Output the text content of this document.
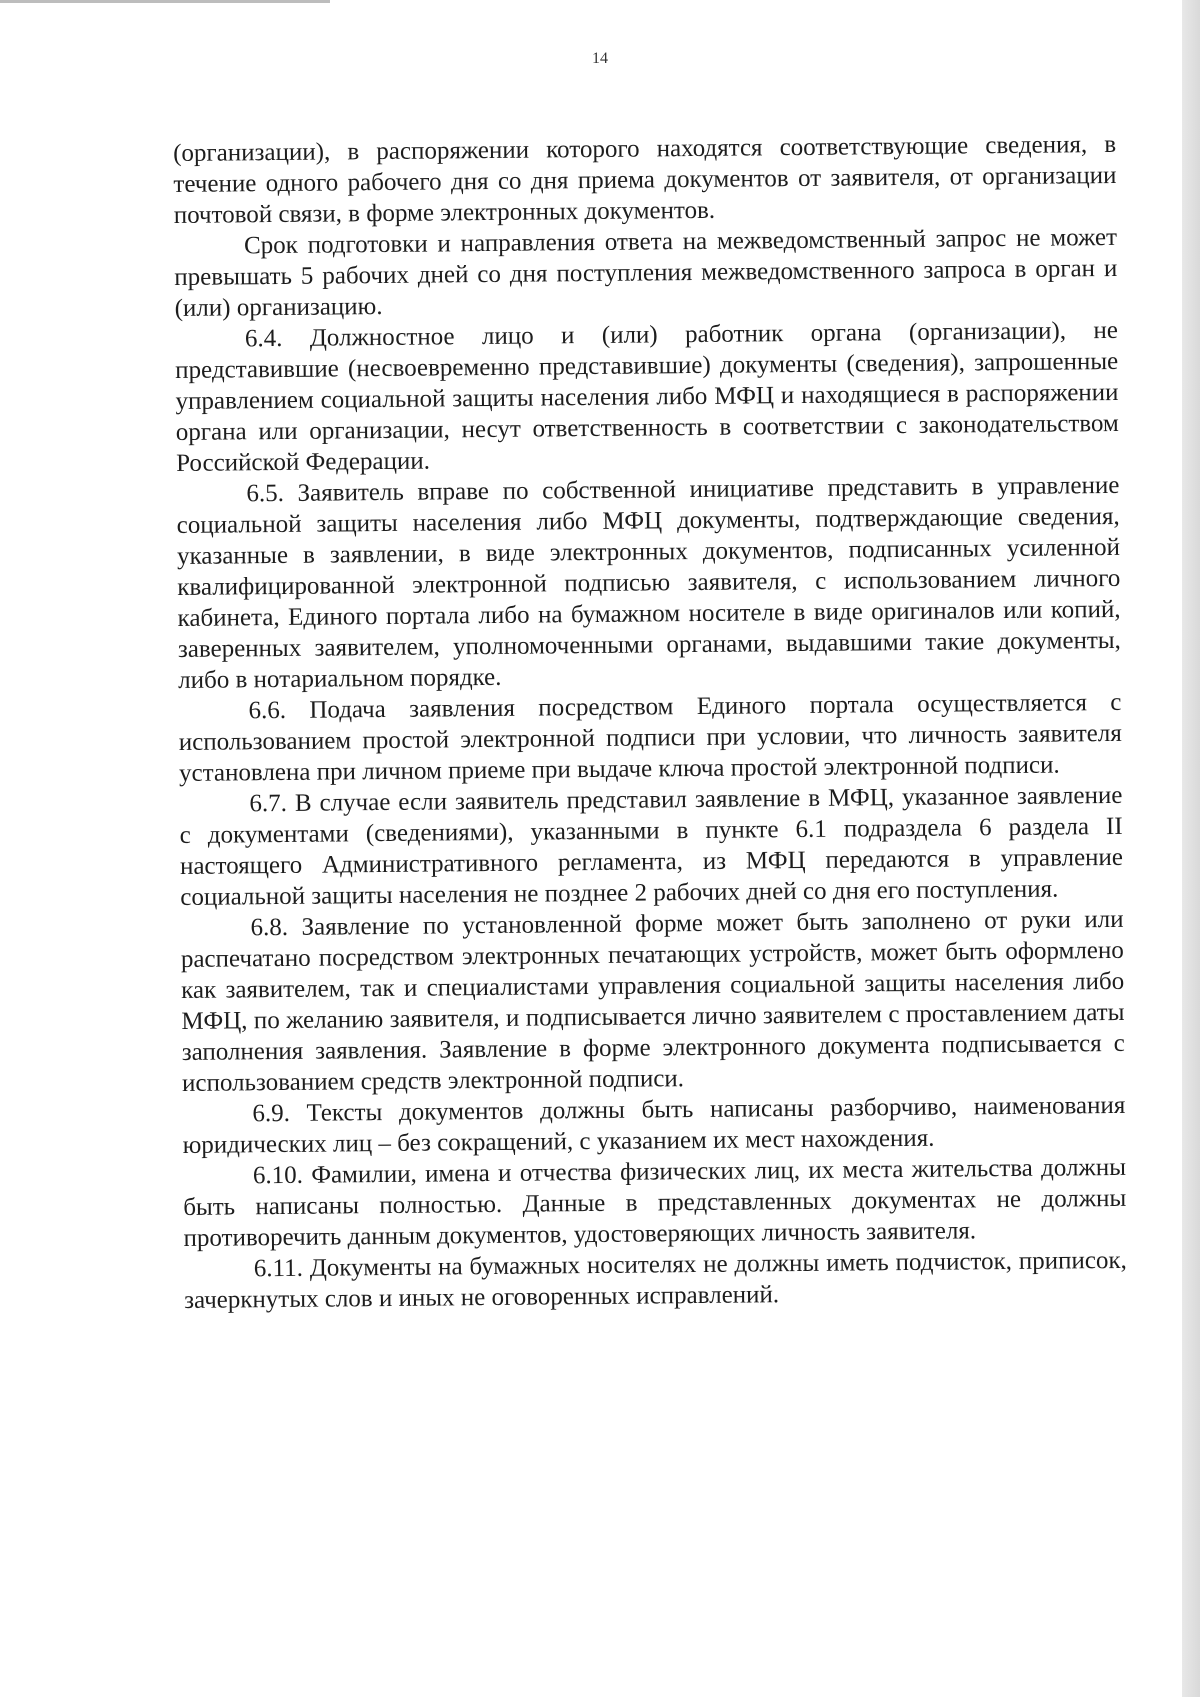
14

(организации), в распоряжении которого находятся соответствующие сведения, в течение одного рабочего дня со дня приема документов от заявителя, от организации почтовой связи, в форме электронных документов.

Срок подготовки и направления ответа на межведомственный запрос не может превышать 5 рабочих дней со дня поступления межведомственного запроса в орган и (или) организацию.

6.4. Должностное лицо и (или) работник органа (организации), не представившие (несвоевременно представившие) документы (сведения), запрошенные управлением социальной защиты населения либо МФЦ и находящиеся в распоряжении органа или организации, несут ответственность в соответствии с законодательством Российской Федерации.

6.5. Заявитель вправе по собственной инициативе представить в управление социальной защиты населения либо МФЦ документы, подтверждающие сведения, указанные в заявлении, в виде электронных документов, подписанных усиленной квалифицированной электронной подписью заявителя, с использованием личного кабинета, Единого портала либо на бумажном носителе в виде оригиналов или копий, заверенных заявителем, уполномоченными органами, выдавшими такие документы, либо в нотариальном порядке.

6.6. Подача заявления посредством Единого портала осуществляется с использованием простой электронной подписи при условии, что личность заявителя установлена при личном приеме при выдаче ключа простой электронной подписи.

6.7. В случае если заявитель представил заявление в МФЦ, указанное заявление с документами (сведениями), указанными в пункте 6.1 подраздела 6 раздела II настоящего Административного регламента, из МФЦ передаются в управление социальной защиты населения не позднее 2 рабочих дней со дня его поступления.

6.8. Заявление по установленной форме может быть заполнено от руки или распечатано посредством электронных печатающих устройств, может быть оформлено как заявителем, так и специалистами управления социальной защиты населения либо МФЦ, по желанию заявителя, и подписывается лично заявителем с проставлением даты заполнения заявления. Заявление в форме электронного документа подписывается с использованием средств электронной подписи.

6.9. Тексты документов должны быть написаны разборчиво, наименования юридических лиц – без сокращений, с указанием их мест нахождения.

6.10. Фамилии, имена и отчества физических лиц, их места жительства должны быть написаны полностью. Данные в представленных документах не должны противоречить данным документов, удостоверяющих личность заявителя.

6.11. Документы на бумажных носителях не должны иметь подчисток, приписок, зачеркнутых слов и иных не оговоренных исправлений.
